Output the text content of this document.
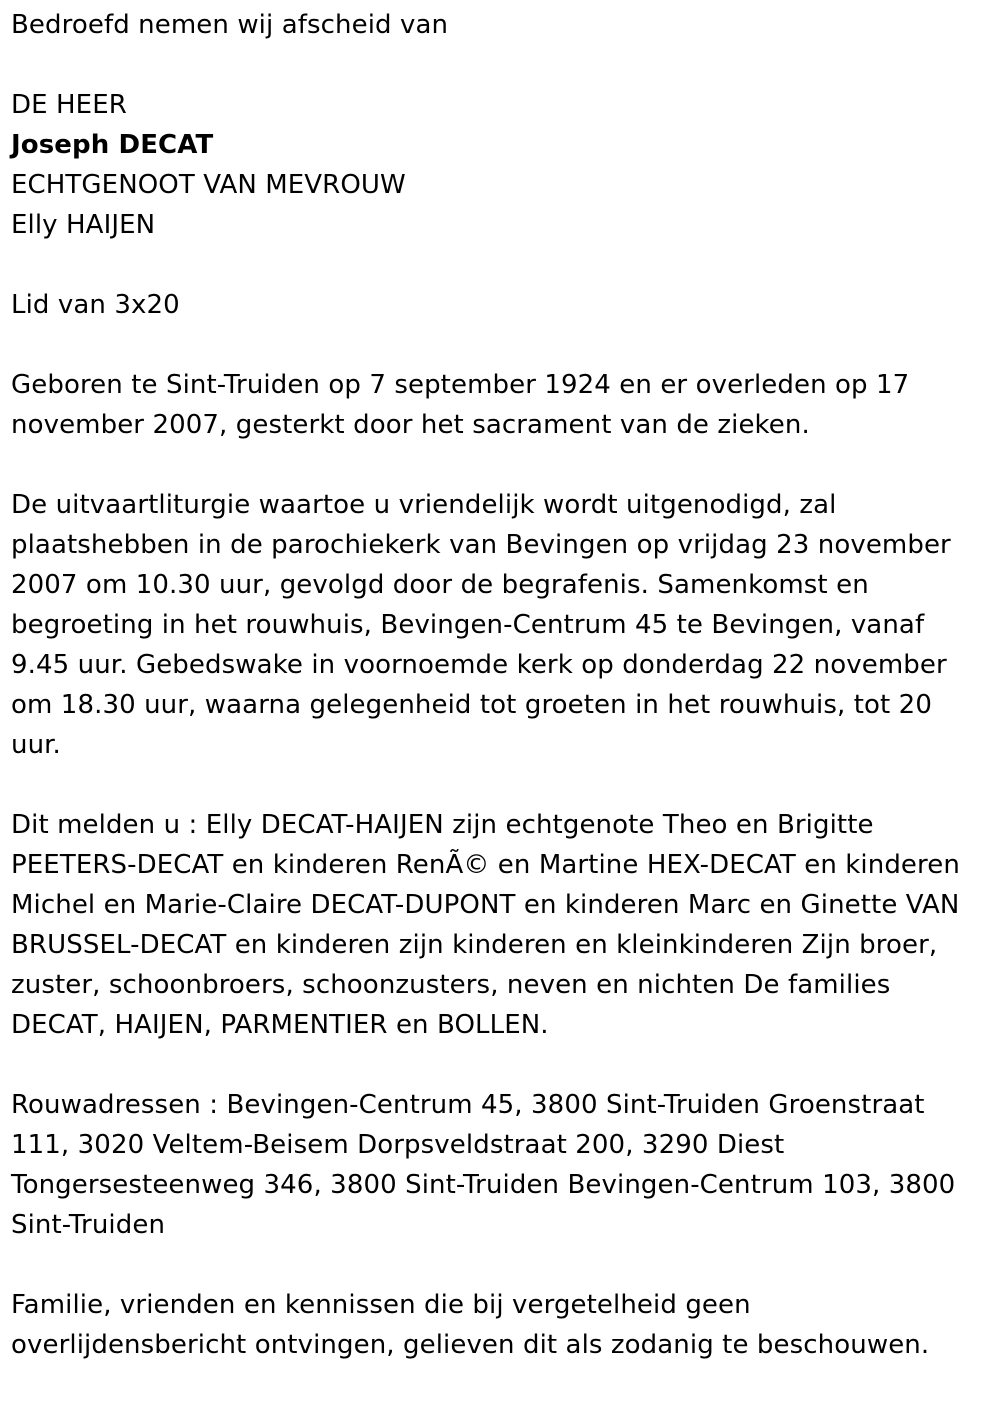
Bedroefd nemen wij afscheid van

DE HEER

Joseph DECAT

ECHTGENOOT VAN MEVROUW

Elly HAIJEN

Lid van 3x20

Geboren te Sint-Truiden op 7 september 1924 en er overleden op 17 november 2007, gesterkt door het sacrament van de zieken.

De uitvaartliturgie waartoe u vriendelijk wordt uitgenodigd, zal plaatshebben in de parochiekerk van Bevingen op vrijdag 23 november 2007 om 10.30 uur, gevolgd door de begrafenis. Samenkomst en begroeting in het rouwhuis, Bevingen-Centrum 45 te Bevingen, vanaf 9.45 uur. Gebedswake in voornoemde kerk op donderdag 22 november om 18.30 uur, waarna gelegenheid tot groeten in het rouwhuis, tot 20 uur.

Dit melden u : Elly DECAT-HAIJEN zijn echtgenote Theo en Brigitte PEETERS-DECAT en kinderen RenÃ© en Martine HEX-DECAT en kinderen Michel en Marie-Claire DECAT-DUPONT en kinderen Marc en Ginette VAN BRUSSEL-DECAT en kinderen zijn kinderen en kleinkinderen Zijn broer, zuster, schoonbroers, schoonzusters, neven en nichten De families DECAT, HAIJEN, PARMENTIER en BOLLEN.

Rouwadressen : Bevingen-Centrum 45, 3800 Sint-Truiden Groenstraat 111, 3020 Veltem-Beisem Dorpsveldstraat 200, 3290 Diest Tongersesteenweg 346, 3800 Sint-Truiden Bevingen-Centrum 103, 3800 Sint-Truiden

Familie, vrienden en kennissen die bij vergetelheid geen overlijdensbericht ontvingen, gelieven dit als zodanig te beschouwen.
